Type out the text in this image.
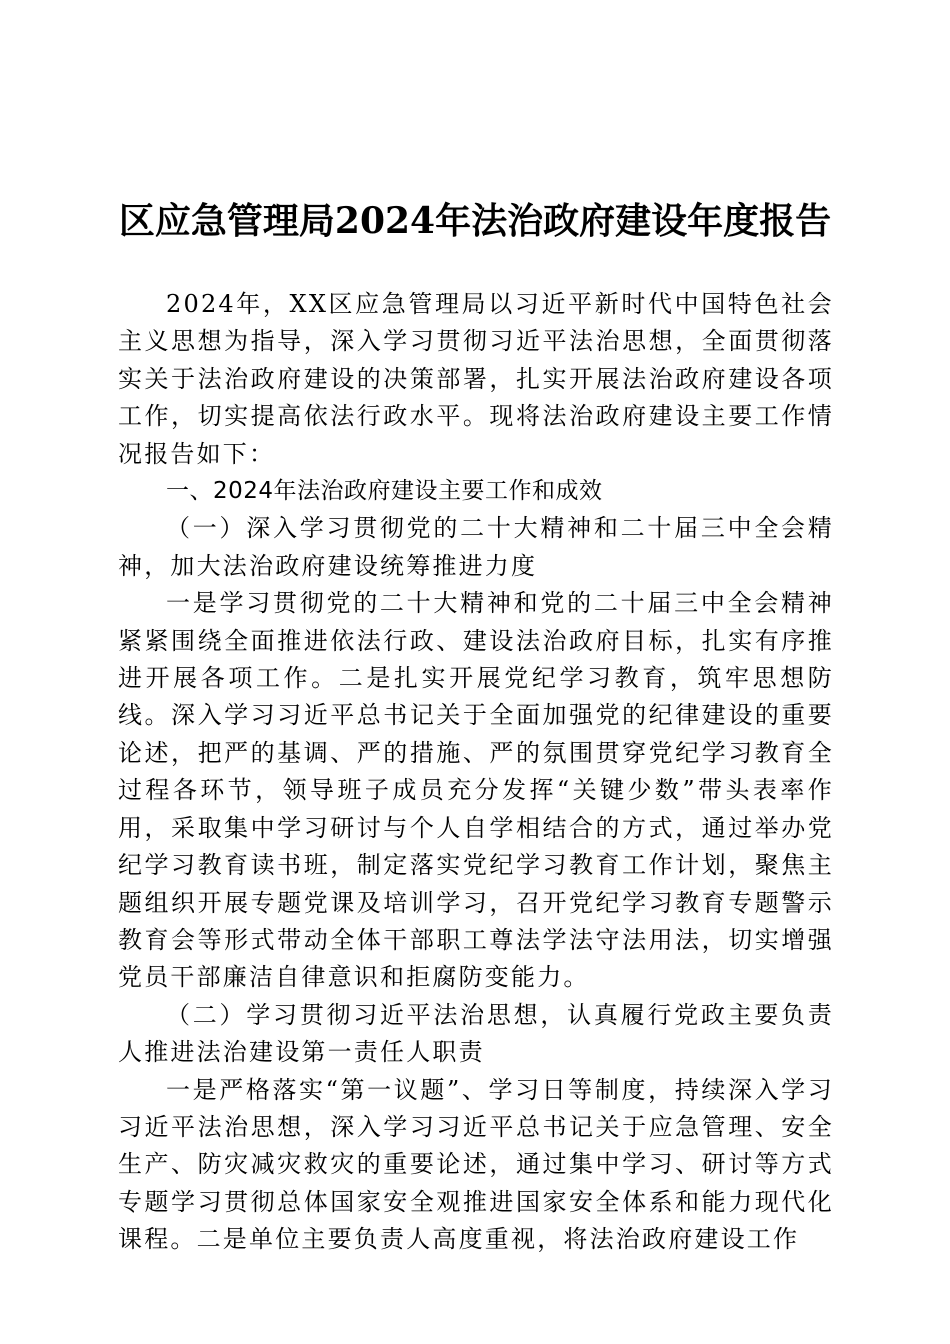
区应急管理局2024年法治政府建设年度报告

2024年，XX区应急管理局以习近平新时代中国特色社会主义思想为指导，深入学习贯彻习近平法治思想，全面贯彻落实关于法治政府建设的决策部署，扎实开展法治政府建设各项工作，切实提高依法行政水平。现将法治政府建设主要工作情况报告如下：

一、2024年法治政府建设主要工作和成效

（一）深入学习贯彻党的二十大精神和二十届三中全会精神，加大法治政府建设统筹推进力度

一是学习贯彻党的二十大精神和党的二十届三中全会精神紧紧围绕全面推进依法行政、建设法治政府目标，扎实有序推进开展各项工作。二是扎实开展党纪学习教育，筑牢思想防线。深入学习习近平总书记关于全面加强党的纪律建设的重要论述，把严的基调、严的措施、严的氛围贯穿党纪学习教育全过程各环节，领导班子成员充分发挥“关键少数”带头表率作用，采取集中学习研讨与个人自学相结合的方式，通过举办党纪学习教育读书班，制定落实党纪学习教育工作计划，聚焦主题组织开展专题党课及培训学习，召开党纪学习教育专题警示教育会等形式带动全体干部职工尊法学法守法用法，切实增强党员干部廉洁自律意识和拒腐防变能力。

（二）学习贯彻习近平法治思想，认真履行党政主要负责人推进法治建设第一责任人职责

一是严格落实“第一议题”、学习日等制度，持续深入学习习近平法治思想，深入学习习近平总书记关于应急管理、安全生产、防灾减灾救灾的重要论述，通过集中学习、研讨等方式专题学习贯彻总体国家安全观推进国家安全体系和能力现代化课程。二是单位主要负责人高度重视，将法治政府建设工作
